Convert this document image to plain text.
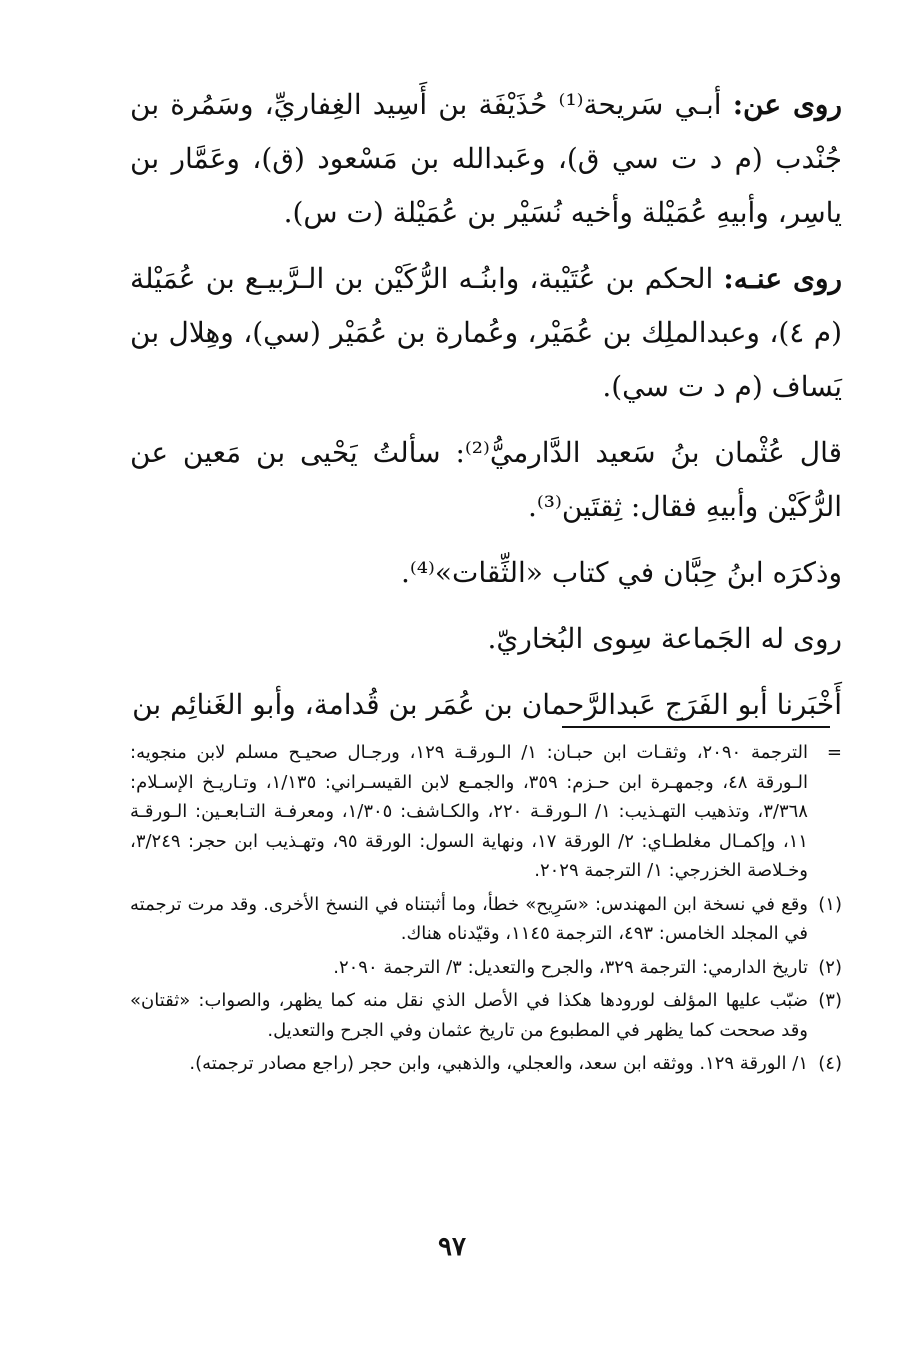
روى عن: أبـي سَريحة⁽¹⁾ حُذَيْفَة بن أَسِيد الغِفاريِّ، وسَمُرة بن جُنْدب (م د ت سي ق)، وعَبدالله بن مَسْعود (ق)، وعَمَّار بن ياسِر، وأبيهِ عُمَيْلة وأخيه نُسَيْر بن عُمَيْلة (ت س).

روى عنـه: الحكم بن عُتَيْبة، وابنُـه الرُّكَيْن بن الـرَّبيـع بن عُمَيْلة (م ٤)، وعبدالملِك بن عُمَيْر، وعُمارة بن عُمَيْر (سي)، وهِلال بن يَساف (م د ت سي).

قال عُثْمان بنُ سَعيد الدَّارميُّ⁽²⁾: سألتُ يَحْيى بن مَعين عن الرُّكَيْن وأبيهِ فقال: ثِقتَين⁽³⁾.

وذكرَه ابنُ حِبَّان في كتاب «الثِّقات»⁽⁴⁾.

روى له الجَماعة سِوى البُخاريّ.

أَخْبَرنا أبو الفَرَج عَبدالرَّحمان بن عُمَر بن قُدامة، وأبو الغَنائِم بن

=
الترجمة ٢٠٩٠، وثقـات ابن حبـان: ١/ الـورقـة ١٢٩، ورجـال صحيـح مسلم لابن منجويه: الـورقة ٤٨، وجمهـرة ابن حـزم: ٣٥٩، والجمـع لابن القيسـراني: ١/١٣٥، وتـاريـخ الإسـلام: ٣/٣٦٨، وتذهيب التهـذيب: ١/ الـورقـة ٢٢٠، والكـاشف: ١/٣٠٥، ومعرفـة التـابعـين: الـورقـة ١١، وإكمـال مغلطـاي: ٢/ الورقة ١٧، ونهاية السول: الورقة ٩٥، وتهـذيب ابن حجر: ٣/٢٤٩، وخـلاصة الخزرجي: ١/ الترجمة ٢٠٢٩.

(١)
وقع في نسخة ابن المهندس: «سَرِيح» خطأ، وما أثبتناه في النسخ الأخرى. وقد مرت ترجمته في المجلد الخامس: ٤٩٣، الترجمة ١١٤٥، وقيّدناه هناك.

(٢)
تاريخ الدارمي: الترجمة ٣٢٩، والجرح والتعديل: ٣/ الترجمة ٢٠٩٠.

(٣)
ضبّب عليها المؤلف لورودها هكذا في الأصل الذي نقل منه كما يظهر، والصواب: «ثقتان» وقد صححت كما يظهر في المطبوع من تاريخ عثمان وفي الجرح والتعديل.

(٤)
١/ الورقة ١٢٩. ووثقه ابن سعد، والعجلي، والذهبي، وابن حجر (راجع مصادر ترجمته).

٩٧
